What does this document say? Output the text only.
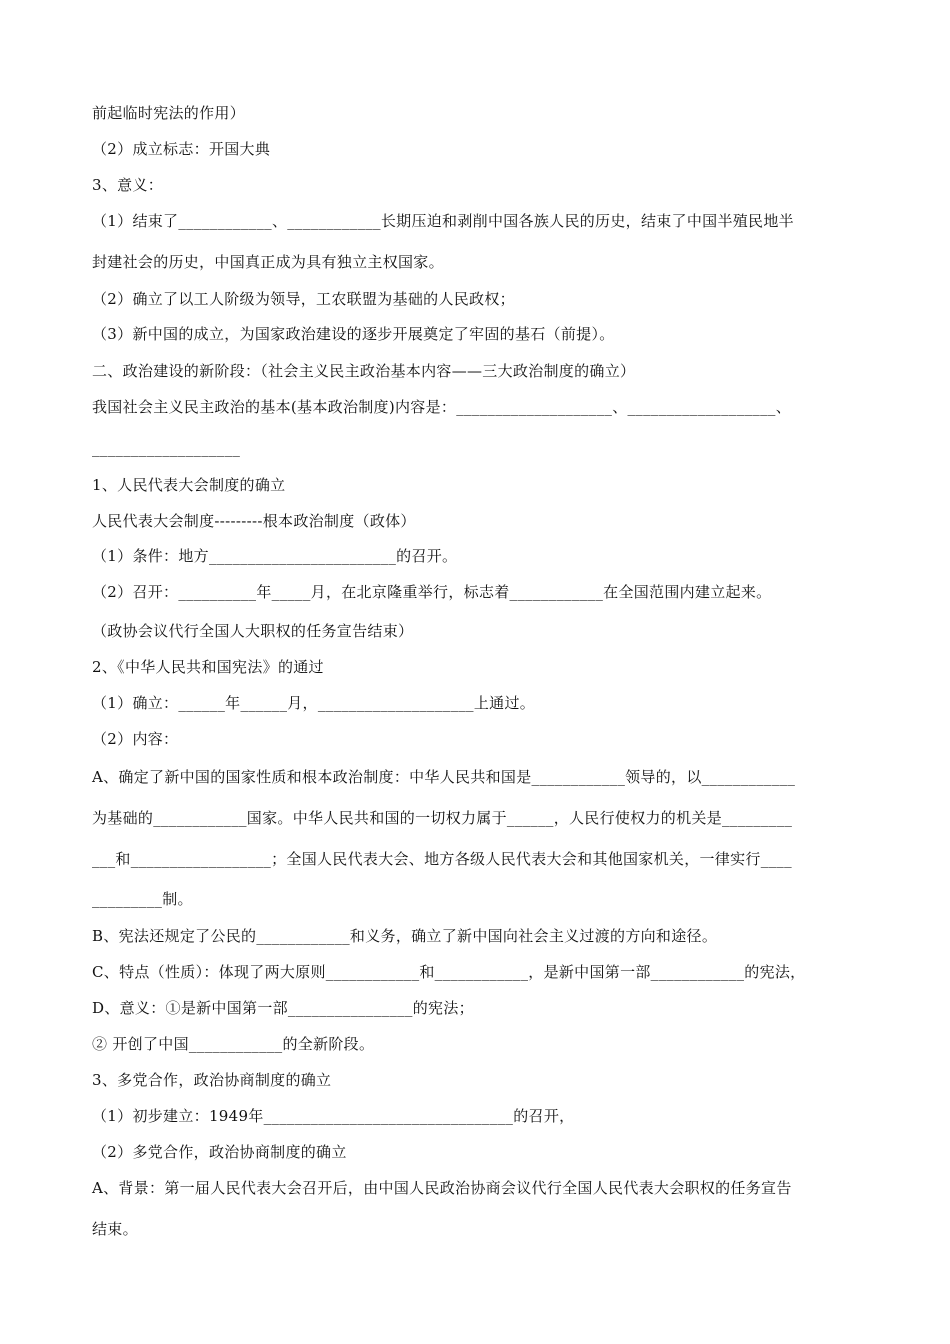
前起临时宪法的作用）
（2）成立标志：开国大典
3、意义：
（1）结束了____________、____________长期压迫和剥削中国各族人民的历史，结束了中国半殖民地半
封建社会的历史，中国真正成为具有独立主权国家。
（2）确立了以工人阶级为领导，工农联盟为基础的人民政权；
（3）新中国的成立，为国家政治建设的逐步开展奠定了牢固的基石（前提）。
二、政治建设的新阶段：（社会主义民主政治基本内容——三大政治制度的确立）
我国社会主义民主政治的基本(基本政治制度)内容是：____________________、___________________、
___________________
1、人民代表大会制度的确立
人民代表大会制度---------根本政治制度（政体）
（1）条件：地方________________________的召开。
（2）召开：__________年_____月，在北京隆重举行，标志着____________在全国范围内建立起来。
（政协会议代行全国人大职权的任务宣告结束）
2、《中华人民共和国宪法》的通过
（1）确立：______年______月，____________________上通过。
（2）内容：
A、确定了新中国的国家性质和根本政治制度：中华人民共和国是____________领导的，以____________
为基础的____________国家。中华人民共和国的一切权力属于______，人民行使权力的机关是_________
___和__________________；全国人民代表大会、地方各级人民代表大会和其他国家机关，一律实行____
_________制。
B、宪法还规定了公民的____________和义务，确立了新中国向社会主义过渡的方向和途径。
C、特点（性质）：体现了两大原则____________和____________，是新中国第一部____________的宪法，
D、意义：①是新中国第一部________________的宪法；
② 开创了中国____________的全新阶段。
3、多党合作，政治协商制度的确立
（1）初步建立：1949年________________________________的召开，
（2）多党合作，政治协商制度的确立
A、背景：第一届人民代表大会召开后，由中国人民政治协商会议代行全国人民代表大会职权的任务宣告
结束。
